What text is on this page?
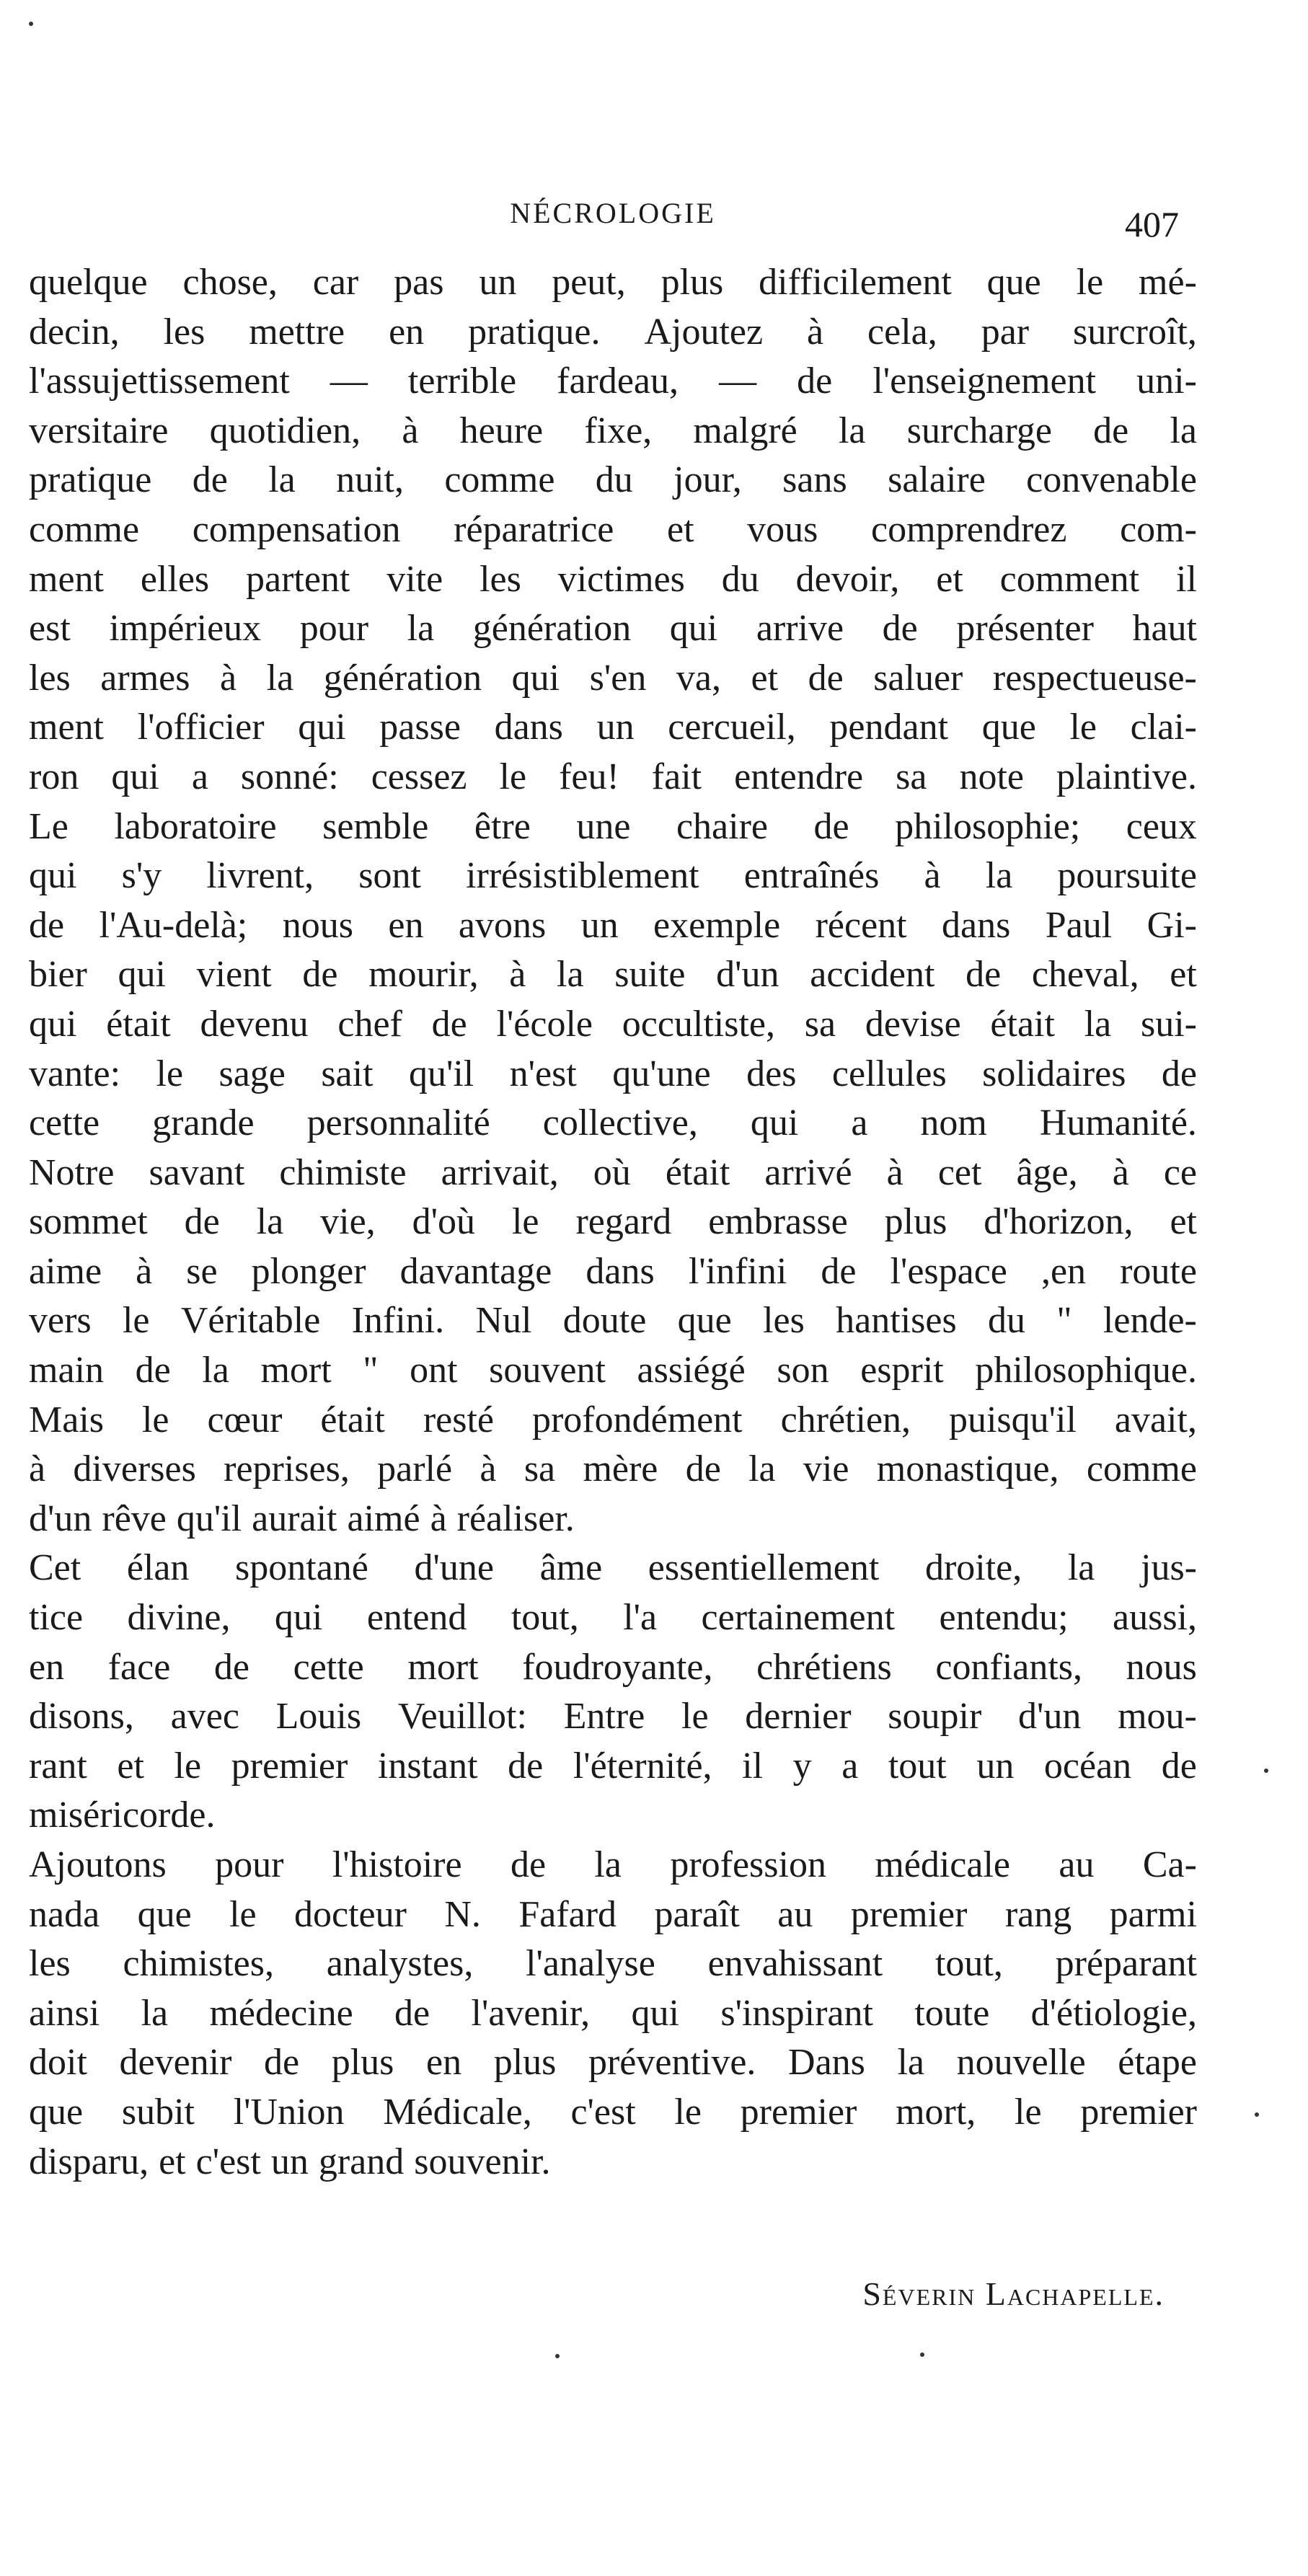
NÉCROLOGIE	407
quelque chose, car pas un peut, plus difficilement que le mé-
decin, les mettre en pratique. Ajoutez à cela, par surcroît,
l'assujettissement — terrible fardeau, — de l'enseignement uni-
versitaire quotidien, à heure fixe, malgré la surcharge de la
pratique de la nuit, comme du jour, sans salaire convenable
comme compensation réparatrice et vous comprendrez com-
ment elles partent vite les victimes du devoir, et comment il
est impérieux pour la génération qui arrive de présenter haut
les armes à la génération qui s'en va, et de saluer respectueuse-
ment l'officier qui passe dans un cercueil, pendant que le clai-
ron qui a sonné: cessez le feu! fait entendre sa note plaintive.
Le laboratoire semble être une chaire de philosophie; ceux
qui s'y livrent, sont irrésistiblement entraînés à la poursuite
de l'Au-delà; nous en avons un exemple récent dans Paul Gi-
bier qui vient de mourir, à la suite d'un accident de cheval, et
qui était devenu chef de l'école occultiste, sa devise était la sui-
vante: le sage sait qu'il n'est qu'une des cellules solidaires de
cette grande personnalité collective, qui a nom Humanité.
Notre savant chimiste arrivait, où était arrivé à cet âge, à ce
sommet de la vie, d'où le regard embrasse plus d'horizon, et
aime à se plonger davantage dans l'infini de l'espace ,en route
vers le Véritable Infini. Nul doute que les hantises du " lende-
main de la mort " ont souvent assiégé son esprit philosophique.
Mais le cœur était resté profondément chrétien, puisqu'il avait,
à diverses reprises, parlé à sa mère de la vie monastique, comme
d'un rêve qu'il aurait aimé à réaliser.
Cet élan spontané d'une âme essentiellement droite, la jus-
tice divine, qui entend tout, l'a certainement entendu; aussi,
en face de cette mort foudroyante, chrétiens confiants, nous
disons, avec Louis Veuillot: Entre le dernier soupir d'un mou-
rant et le premier instant de l'éternité, il y a tout un océan de
miséricorde.
Ajoutons pour l'histoire de la profession médicale au Ca-
nada que le docteur N. Fafard paraît au premier rang parmi
les chimistes, analystes, l'analyse envahissant tout, préparant
ainsi la médecine de l'avenir, qui s'inspirant toute d'étiologie,
doit devenir de plus en plus préventive. Dans la nouvelle étape
que subit l'Union Médicale, c'est le premier mort, le premier
disparu, et c'est un grand souvenir.
Séverin Lachapelle.
